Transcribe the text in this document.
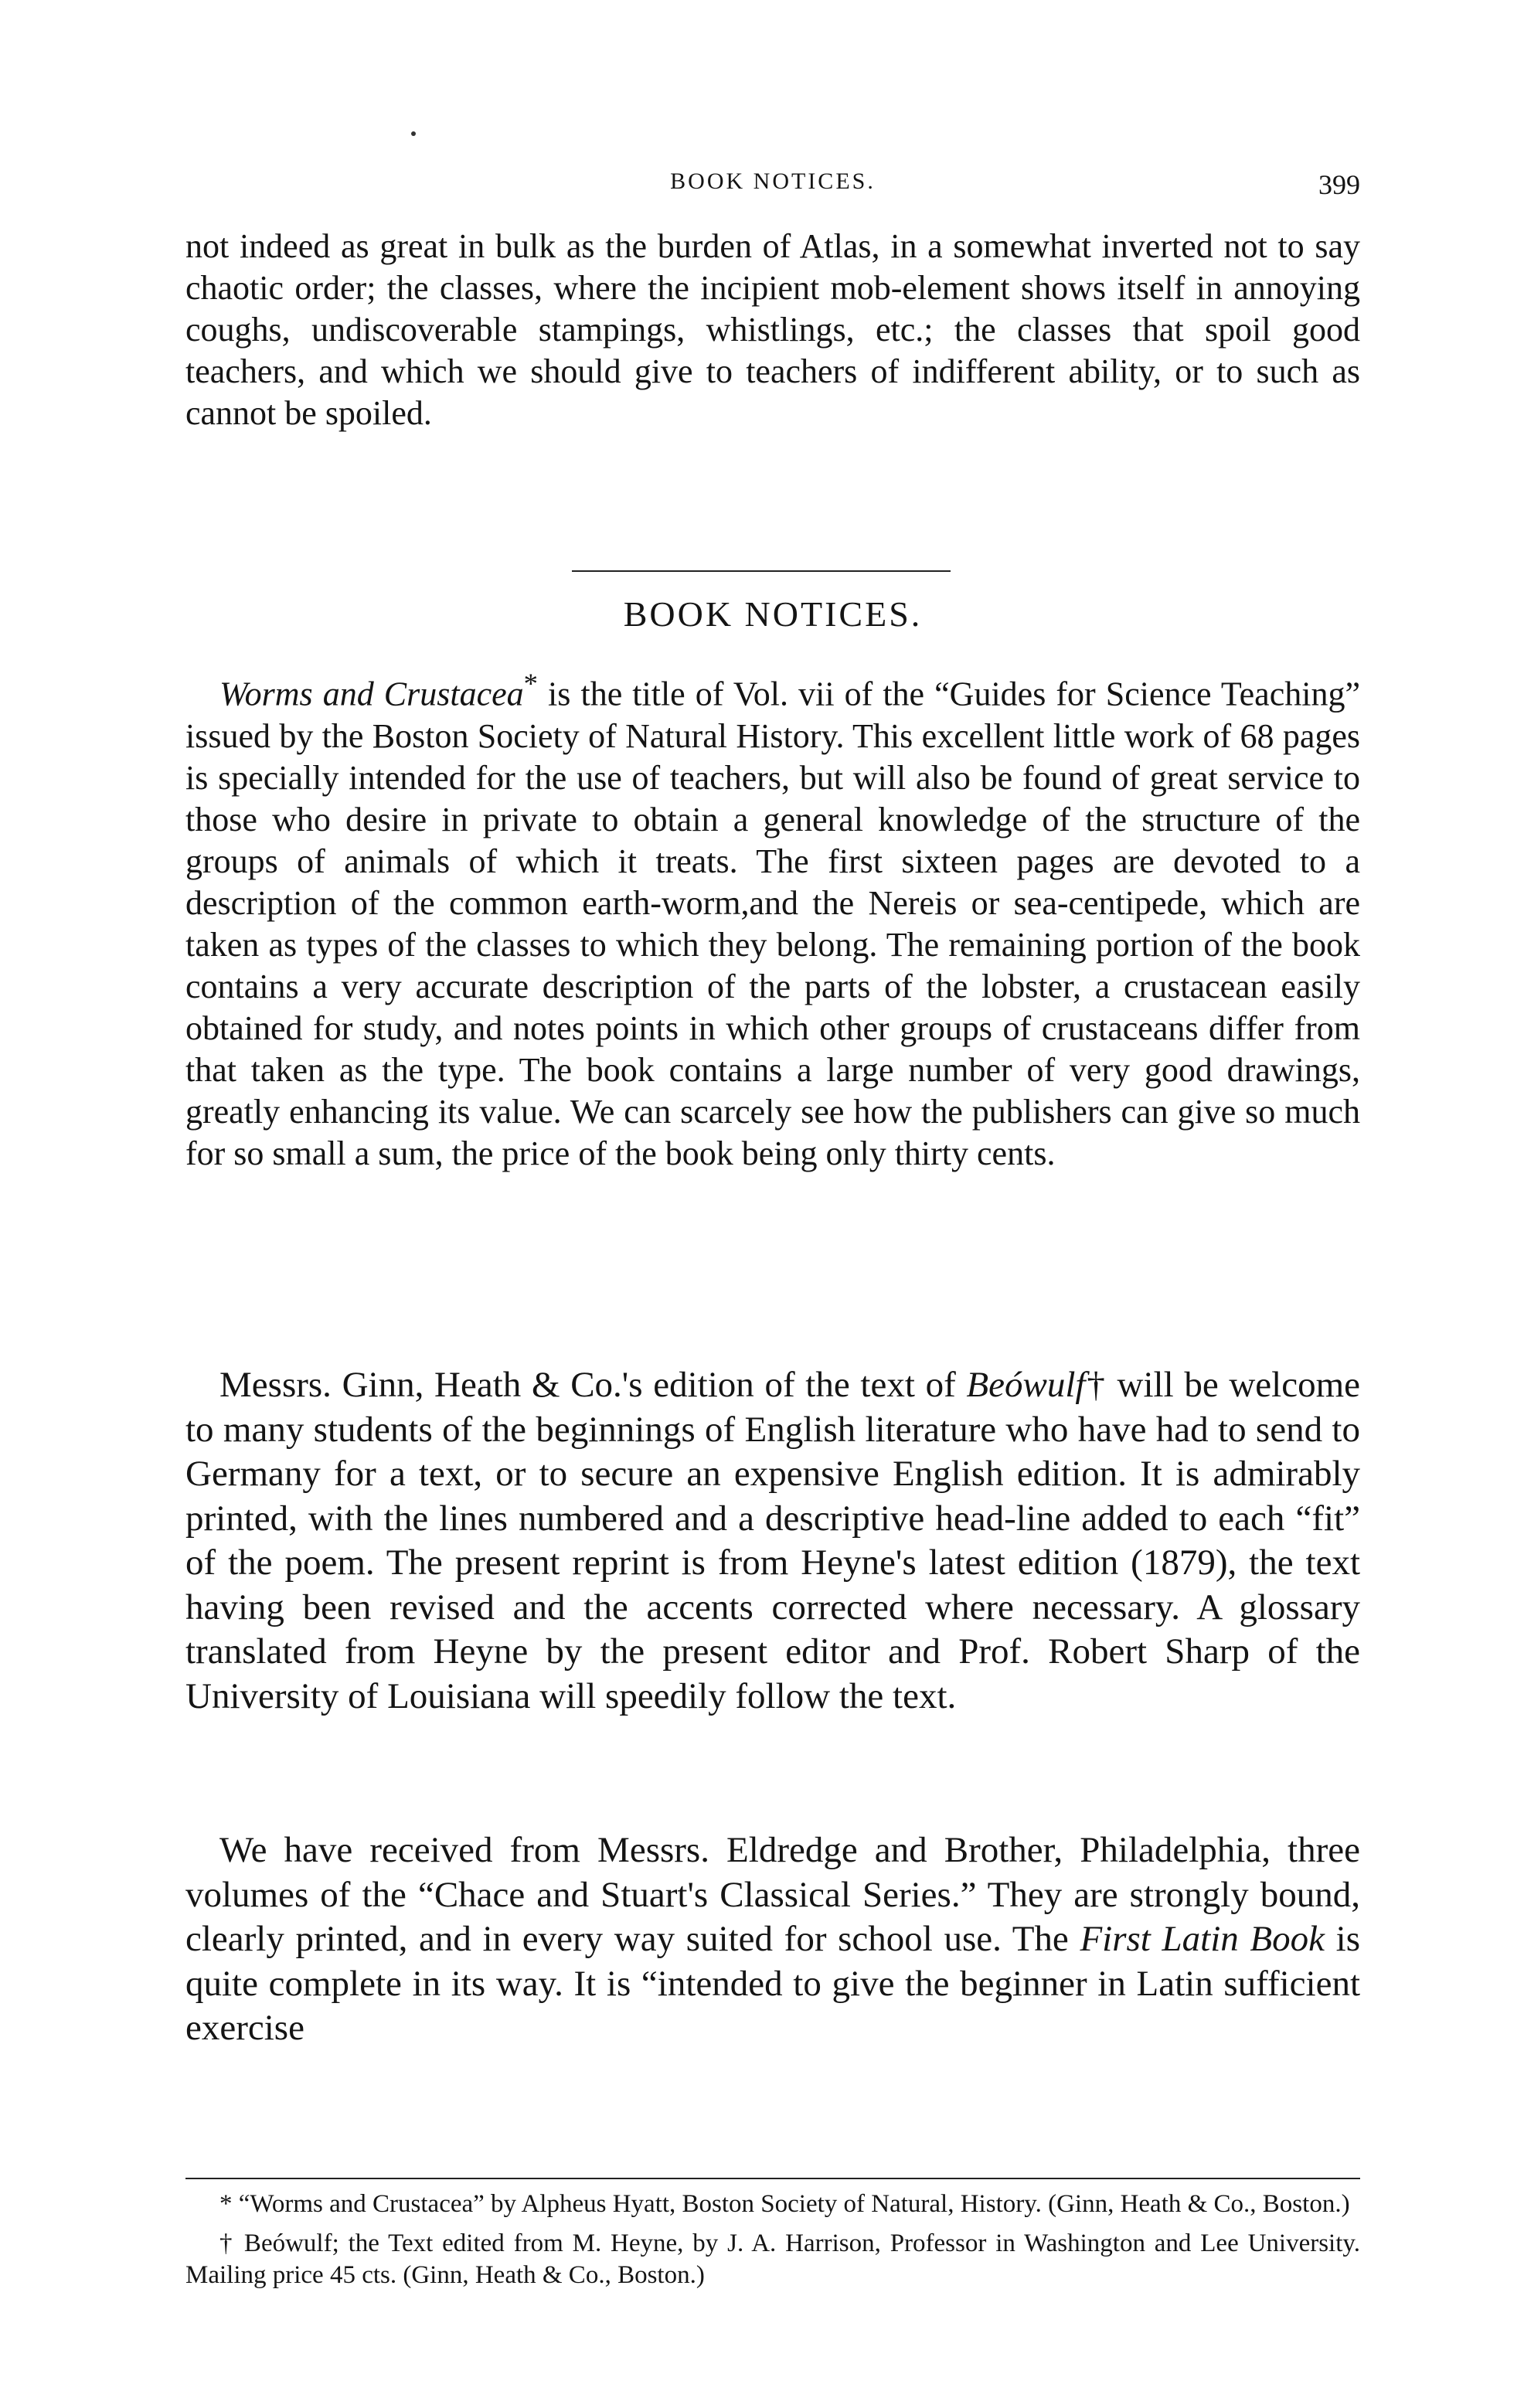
BOOK NOTICES.	399

not indeed as great in bulk as the burden of Atlas, in a somewhat inverted not to say chaotic order; the classes, where the incipient mob-element shows itself in annoying coughs, undiscoverable stampings, whistlings, etc.; the classes that spoil good teachers, and which we should give to teachers of indifferent ability, or to such as cannot be spoiled.

BOOK NOTICES.

Worms and Crustacea* is the title of Vol. vii of the “Guides for Science Teaching” issued by the Boston Society of Natural History. This excellent little work of 68 pages is specially intended for the use of teachers, but will also be found of great service to those who desire in private to obtain a general knowledge of the structure of the groups of animals of which it treats. The first sixteen pages are devoted to a description of the common earth-worm,and the Nereis or sea-centipede, which are taken as types of the classes to which they belong. The remaining portion of the book contains a very accurate description of the parts of the lobster, a crustacean easily obtained for study, and notes points in which other groups of crustaceans differ from that taken as the type. The book contains a large number of very good drawings, greatly enhancing its value. We can scarcely see how the publishers can give so much for so small a sum, the price of the book being only thirty cents.

Messrs. Ginn, Heath & Co.'s edition of the text of Beówulf† will be welcome to many students of the beginnings of English literature who have had to send to Germany for a text, or to secure an expensive English edition. It is admirably printed, with the lines numbered and a descriptive head-line added to each “fit” of the poem. The present reprint is from Heyne's latest edition (1879), the text having been revised and the accents corrected where necessary. A glossary translated from Heyne by the present editor and Prof. Robert Sharp of the University of Louisiana will speedily follow the text.

We have received from Messrs. Eldredge and Brother, Philadelphia, three volumes of the “Chace and Stuart's Classical Series.” They are strongly bound, clearly printed, and in every way suited for school use. The First Latin Book is quite complete in its way. It is “intended to give the beginner in Latin sufficient exercise

* “Worms and Crustacea” by Alpheus Hyatt, Boston Society of Natural, History. (Ginn, Heath & Co., Boston.)

† Beówulf; the Text edited from M. Heyne, by J. A. Harrison, Professor in Washington and Lee University. Mailing price 45 cts. (Ginn, Heath & Co., Boston.)
